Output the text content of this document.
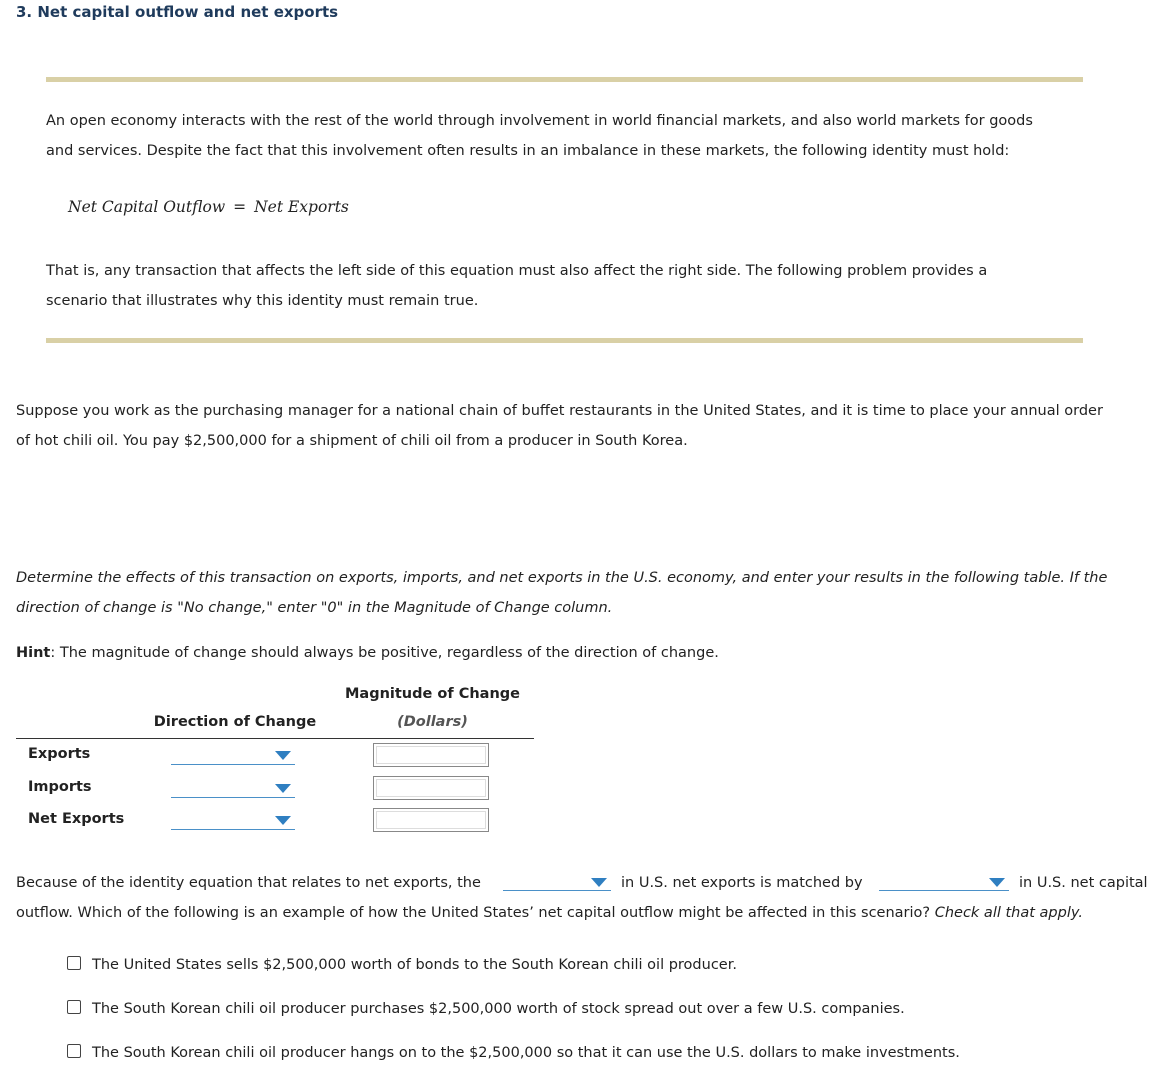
3. Net capital outflow and net exports
An open economy interacts with the rest of the world through involvement in world financial markets, and also world markets for goods
and services. Despite the fact that this involvement often results in an imbalance in these markets, the following identity must hold:
Net Capital Outflow = Net Exports
That is, any transaction that affects the left side of this equation must also affect the right side. The following problem provides a
scenario that illustrates why this identity must remain true.
Suppose you work as the purchasing manager for a national chain of buffet restaurants in the United States, and it is time to place your annual order
of hot chili oil. You pay $2,500,000 for a shipment of chili oil from a producer in South Korea.
Determine the effects of this transaction on exports, imports, and net exports in the U.S. economy, and enter your results in the following table. If the
direction of change is "No change," enter "0" in the Magnitude of Change column.
Hint: The magnitude of change should always be positive, regardless of the direction of change.
Direction of Change
Magnitude of Change
(Dollars)
Exports
Imports
Net Exports
Because of the identity equation that relates to net exports, the	in U.S. net exports is matched by	in U.S. net capital
outflow. Which of the following is an example of how the United States’ net capital outflow might be affected in this scenario? Check all that apply.
The United States sells $2,500,000 worth of bonds to the South Korean chili oil producer.
The South Korean chili oil producer purchases $2,500,000 worth of stock spread out over a few U.S. companies.
The South Korean chili oil producer hangs on to the $2,500,000 so that it can use the U.S. dollars to make investments.
